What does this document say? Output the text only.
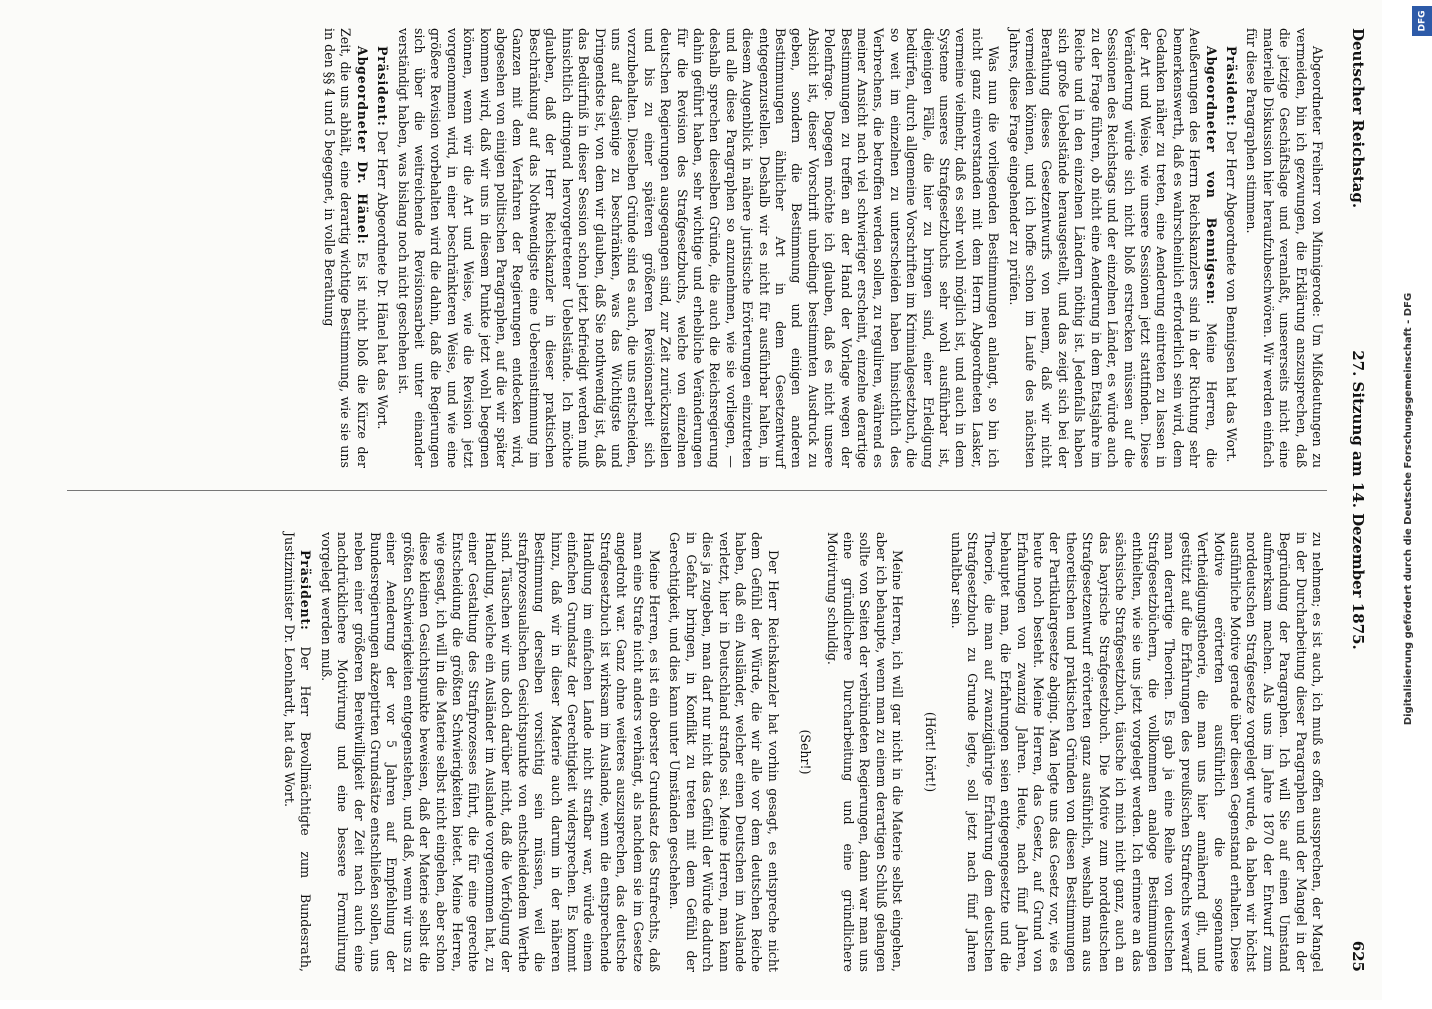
Deutscher Reichstag.
27. Sitzung am 14. Dezember 1875.
625

Abgeordneter Freiherr von Minnigerode: Um Mißdeutungen zu vermeiden, bin ich gezwungen, die Erklärung anszusprechen, daß die jetzige Geschäftslage und veranlaßt, unsererseits nicht eine materielle Diskussion hier heraufzubeschwören. Wir werden einfach für diese Paragraphen stimmen.

Präsident: Der Herr Abgeordnete von Bennigsen hat das Wort.

Abgeordneter von Bennigsen: Meine Herren, die Aeußerungen des Herrn Reichskanzlers sind in der Richtung sehr bemerkenswerth, daß es wahrscheinlich erforderlich sein wird, dem Gedanken näher zu treten, eine Aenderung eintreten zu lassen in der Art und Weise, wie unsere Sessionen jetzt stattfinden. Diese Veränderung würde sich nicht bloß erstrecken müssen auf die Sessionen des Reichstags und der einzelnen Länder, es würde auch zu der Frage führen, ob nicht eine Aenderung in dem Etatsjahre im Reiche und in den einzelnen Ländern nöthig ist. Jedenfalls haben sich große Uebelstände herausgestellt, und das zeigt sich bei der Berathung dieses Gesetzentwurfs von neuem, daß wir nicht vermeiden können, und ich hoffe schon im Laufe des nächsten Jahres, diese Frage eingehender zu prüfen.

Was nun die vorliegenden Bestimmungen anlangt, so bin ich nicht ganz einverstanden mit dem Herrn Abgeordneten Lasker, vermeine vielmehr, daß es sehr wohl möglich ist, und auch in dem Systeme unseres Strafgesetzbuchs sehr wohl ausführbar ist, diejenigen Fälle, die hier zu bringen sind, einer Erledigung bedürfen, durch allgemeine Vorschriften im Kriminalgesetzbuch, die so weit im einzelnen zu unterscheiden haben hinsichtlich des Verbrechens, die betroffen werden sollen, zu reguliren, während es meiner Ansicht nach viel schwieriger erscheint, einzelne derartige Bestimmungen zu treffen an der Hand der Vorlage wegen der Polenfrage. Dagegen möchte ich glauben, daß es nicht unsere Absicht ist, dieser Vorschrift unbedingt bestimmten Ausdruck zu geben, sondern die Bestimmung und einigen anderen Bestimmungen ähnlicher Art in dem Gesetzentwurf entgegenzustellen. Deshalb wir es nicht für ausführbar halten, in diesem Augenblick in nähere juristische Erörterungen einzutreten und alle diese Paragraphen so anzunehmen, wie sie vorliegen, — deshalb sprechen dieselben Gründe, die auch die Reichsregierung dahin geführt haben, sehr wichtige und erhebliche Veränderungen für die Revision des Strafgesetzbuchs, welche von einzelnen deutschen Regierungen ausgegangen sind, zur Zeit zurückzustellen und bis zu einer späteren größeren Revisionsarbeit sich vorzubehalten. Dieselben Gründe sind es auch, die uns entscheiden, uns auf dasjenige zu beschränken, was das Wichtigste und Dringendste ist, von dem wir glauben, daß Sie nothwendig ist, daß das Bedürfniß in dieser Session schon jetzt befriedigt werden muß hinsichtlich dringend hervorgetretener Uebelstände. Ich möchte glauben, daß der Herr Reichskanzler in dieser praktischen Beschränkung auf das Nothwendigste eine Uebereinstimmung im Ganzen mit dem Verfahren der Regierungen entdecken wird, abgesehen von einigen politischen Paragraphen, auf die wir später kommen wird, daß wir uns in diesem Punkte jetzt wohl begegnen können, wenn wir die Art und Weise, wie die Revision jetzt vorgenommen wird, in einer beschränkteren Weise, und wie eine größere Revision vorbehalten wird die dahin, daß die Regierungen sich über die weitreichende Revisionsarbeit unter einander verständigt haben, was bislang noch nicht geschehen ist.

Präsident: Der Herr Abgeordnete Dr. Hänel hat das Wort.

Abgeordneter Dr. Hänel: Es ist nicht bloß die Kürze der Zeit, die uns abhält, eine derartig wichtige Bestimmung, wie sie uns in den §§ 4 und 5 begegnet, in volle Berathung

zu nehmen; es ist auch, ich muß es offen aussprechen, der Mangel in der Durcharbeitung dieser Paragraphen und der Mangel in der Begründung der Paragraphen. Ich will Sie auf einen Umstand aufmerksam machen. Als uns im Jahre 1870 der Entwurf zum norddeutschen Strafgesetze vorgelegt wurde, da haben wir höchst ausführliche Motive gerade über diesen Gegenstand erhalten. Diese Motive erörterten ausführlich die sogenannte Vertheidigungstheorie, die man uns hier annähernd gilt, und gestützt auf die Erfahrungen des preußischen Strafrechts verwarf man derartige Theorien. Es gab ja eine Reihe von deutschen Strafgesetzbüchern, die vollkommen analoge Bestimmungen enthielten, wie sie uns jetzt vorgelegt werden. Ich erinnere an das sächsische Strafgesetzbuch, täusche ich mich nicht ganz, auch an das bayrische Strafgesetzbuch. Die Motive zum norddeutschen Strafgesetzentwurf erörterten ganz ausführlich, weshalb man aus theoretischen und praktischen Gründen von diesen Bestimmungen der Partikulargesetze abging. Man legte uns das Gesetz vor, wie es heute noch besteht. Meine Herren, das Gesetz, auf Grund von Erfahrungen von zwanzig Jahren. Heute, nach fünf Jahren, behauptet man, die Erfahrungen seien entgegengesetzte und die Theorie, die man auf zwanzigjährige Erfahrung dem deutschen Strafgesetzbuch zu Grunde legte, soll jetzt nach fünf Jahren unhaltbar sein.

(Hört! hört!)

Meine Herren, ich will gar nicht in die Materie selbst eingehen, aber ich behaupte, wenn man zu einem derartigen Schluß gelangen sollte von Seiten der verbündeten Regierungen, dann war man uns eine gründlichere Durcharbeitung und eine gründlichere Motivirung schuldig.

(Sehr!)

Der Herr Reichskanzler hat vorhin gesagt, es entspreche nicht dem Gefühl der Würde, die wir alle vor dem deutschen Reiche haben, daß ein Ausländer, welcher einen Deutschen im Auslande verletzt, hier in Deutschland straflos sei. Meine Herren, man kann dies ja zugeben, man darf nur nicht das Gefühl der Würde dadurch in Gefahr bringen, in Konflikt zu treten mit dem Gefühl der Gerechtigkeit, und dies kann unter Umständen geschehen.

Meine Herren, es ist ein oberster Grundsatz des Strafrechts, daß man eine Strafe nicht anders verhängt, als nachdem sie im Gesetze angedroht war. Ganz ohne weiteres auszusprechen, das deutsche Strafgesetzbuch ist wirksam im Auslande, wenn die entsprechende Handlung im einfachen Lande nicht strafbar war, würde einem einfachen Grundsatz der Gerechtigkeit widersprechen. Es kommt hinzu, daß wir in dieser Materie auch darum in der näheren Bestimmung derselben vorsichtig sein müssen, weil die strafprozessualischen Gesichtspunkte von entscheidendem Werthe sind. Täuschen wir uns doch darüber nicht, daß die Verfolgung der Handlung, welche ein Ausländer im Auslande vorgenommen hat, zu einer Gestaltung des Strafprozesses führt, die für eine gerechte Entscheidung die größten Schwierigkeiten bietet. Meine Herren, wie gesagt, ich will in die Materie selbst nicht eingehen, aber schon diese kleinen Gesichtspunkte beweisen, daß der Materie selbst die größten Schwierigkeiten entgegenstehen, und daß, wenn wir uns zu einer Aenderung der vor 5 Jahren auf Empfehlung der Bundesregierungen akzeptirten Grundsätze entschließen sollen, uns neben einer größeren Bereitwilligkeit der Zeit nach auch eine nachdrücklichere Motivirung und eine bessere Formulirung vorgelegt werden muß.

Präsident: Der Herr Bevollmächtigte zum Bundesrath, Justizminister Dr. Leonhardt, hat das Wort.

DFG
Digitalisierung gefördert durch die Deutsche Forschungsgemeinschaft - DFG
